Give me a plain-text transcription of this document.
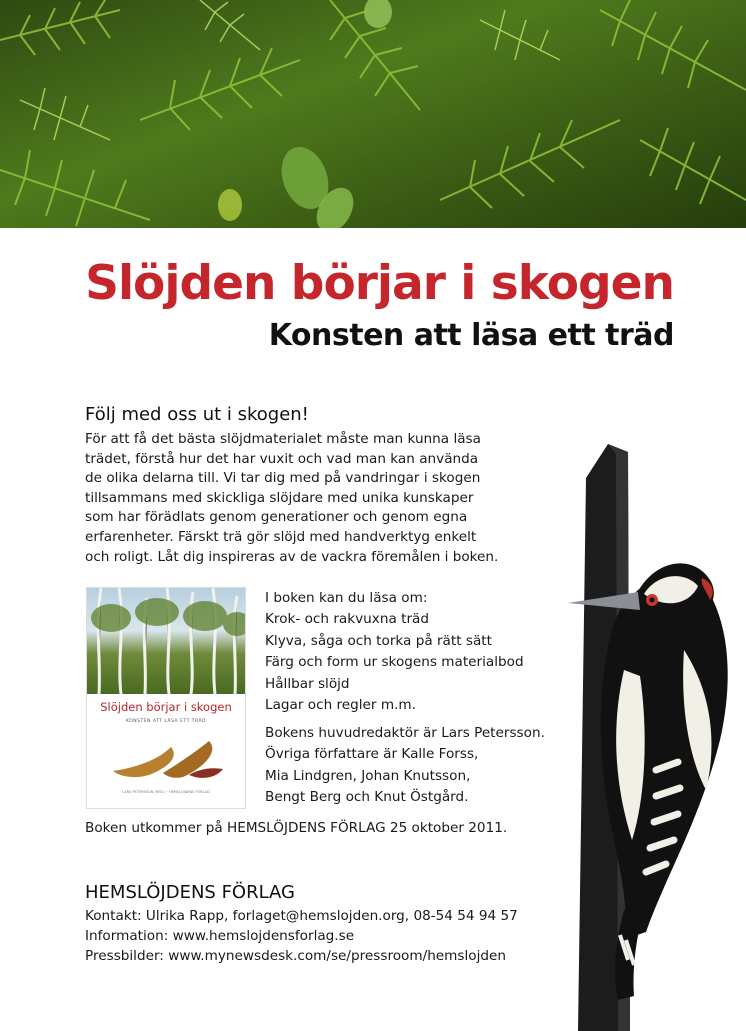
Slöjden börjar i skogen
Konsten att läsa ett träd
Följ med oss ut i skogen!

För att få det bästa slöjdmaterialet måste man kunna läsa
trädet, förstå hur det har vuxit och vad man kan använda
de olika delarna till. Vi tar dig med på vandringar i skogen
tillsammans med skickliga slöjdare med unika kunskaper
som har förädlats genom generationer och genom egna
erfarenheter. Färskt trä gör slöjd med handverktyg enkelt
och roligt. Låt dig inspireras av de vackra föremålen i boken.

Slöjden börjar i skogen

KONSTEN ATT LÄSA ETT TRÄD

LARS PETERSSON (RED.) · HEMSLÖJDENS FÖRLAG

I boken kan du läsa om:
Krok- och rakvuxna träd
Klyva, såga och torka på rätt sätt
Färg och form ur skogens materialbod
Hållbar slöjd
Lagar och regler m.m.
Bokens huvudredaktör är Lars Petersson.
Övriga författare är Kalle Forss,
Mia Lindgren, Johan Knutsson,
Bengt Berg och Knut Östgård.

Boken utkommer på HEMSLÖJDENS FÖRLAG 25 oktober 2011.

HEMSLÖJDENS FÖRLAG
Kontakt: Ulrika Rapp, forlaget@hemslojden.org, 08-54 54 94 57
Information: www.hemslojdensforlag.se
Pressbilder: www.mynewsdesk.com/se/pressroom/hemslojden
